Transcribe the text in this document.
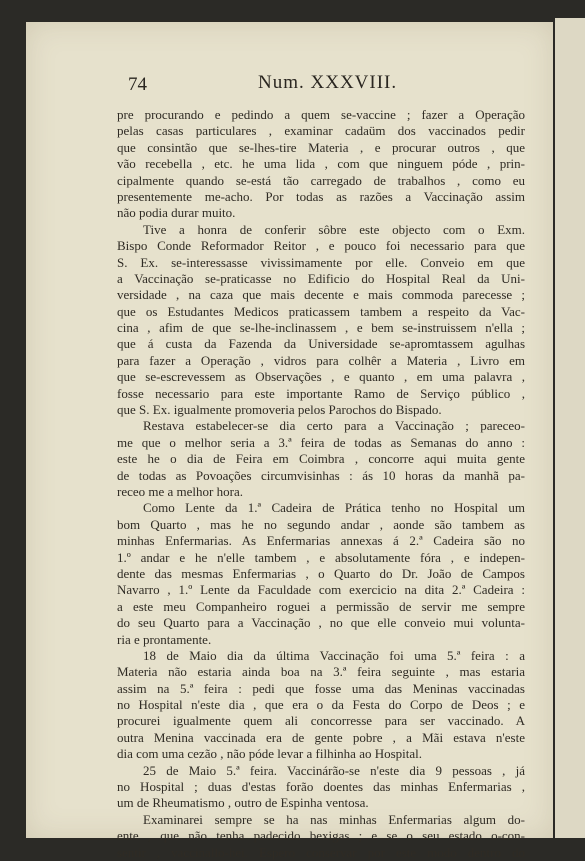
74	Num. XXXVIII.
pre procurando e pedindo a quem se-vaccine ; fazer a Operação
pelas casas particulares , examinar cadaüm dos vaccinados pedir
que consintão que se-lhes-tire Materia , e procurar outros , que
vão recebella , etc. he uma lida , com que ninguem póde , prin-
cipalmente quando se-está tão carregado de trabalhos , como eu
presentemente me-acho. Por todas as razões a Vaccinação assim
não podia durar muito.
Tive a honra de conferir sôbre este objecto com o Exm.
Bispo Conde Reformador Reitor , e pouco foi necessario para que
S. Ex. se-interessasse vivissimamente por elle. Conveio em que
a Vaccinação se-praticasse no Edificio do Hospital Real da Uni-
versidade , na caza que mais decente e mais commoda parecesse ;
que os Estudantes Medicos praticassem tambem a respeito da Vac-
cina , afim de que se-lhe-inclinassem , e bem se-instruissem n'ella ;
que á custa da Fazenda da Universidade se-apromtassem agulhas
para fazer a Operação , vidros para colhêr a Materia , Livro em
que se-escrevessem as Observações , e quanto , em uma palavra ,
fosse necessario para este importante Ramo de Serviço público ,
que S. Ex. igualmente promoveria pelos Parochos do Bispado.
Restava estabelecer-se dia certo para a Vaccinação ; pareceo-
me que o melhor seria a 3.ª feira de todas as Semanas do anno :
este he o dia de Feira em Coimbra , concorre aqui muita gente
de todas as Povoações circumvisinhas : ás 10 horas da manhã pa-
receo me a melhor hora.
Como Lente da 1.ª Cadeira de Prática tenho no Hospital um
bom Quarto , mas he no segundo andar , aonde são tambem as
minhas Enfermarias. As Enfermarias annexas á 2.ª Cadeira são no
1.º andar e he n'elle tambem , e absolutamente fóra , e indepen-
dente das mesmas Enfermarias , o Quarto do Dr. João de Campos
Navarro , 1.º Lente da Faculdade com exercicio na dita 2.ª Cadeira :
a este meu Companheiro roguei a permissão de servir me sempre
do seu Quarto para a Vaccinação , no que elle conveio mui volunta-
ria e prontamente.
18 de Maio dia da última Vaccinação foi uma 5.ª feira : a
Materia não estaria ainda boa na 3.ª feira seguinte , mas estaria
assim na 5.ª feira : pedi que fosse uma das Meninas vaccinadas
no Hospital n'este dia , que era o da Festa do Corpo de Deos ; e
procurei igualmente quem ali concorresse para ser vaccinado. A
outra Menina vaccinada era de gente pobre , a Mãi estava n'este
dia com uma cezão , não póde levar a filhinha ao Hospital.
25 de Maio 5.ª feira. Vaccinárão-se n'este dia 9 pessoas , já
no Hospital ; duas d'estas forão doentes das minhas Enfermarias ,
um de Rheumatismo , outro de Espinha ventosa.
Examinarei sempre se ha nas minhas Enfermarias algum do-
ente , que não tenha padecido bexigas ; e se o seu estado o-con-
sentir , vaccinallo-hei. Espero conservar por este modo dentro do
